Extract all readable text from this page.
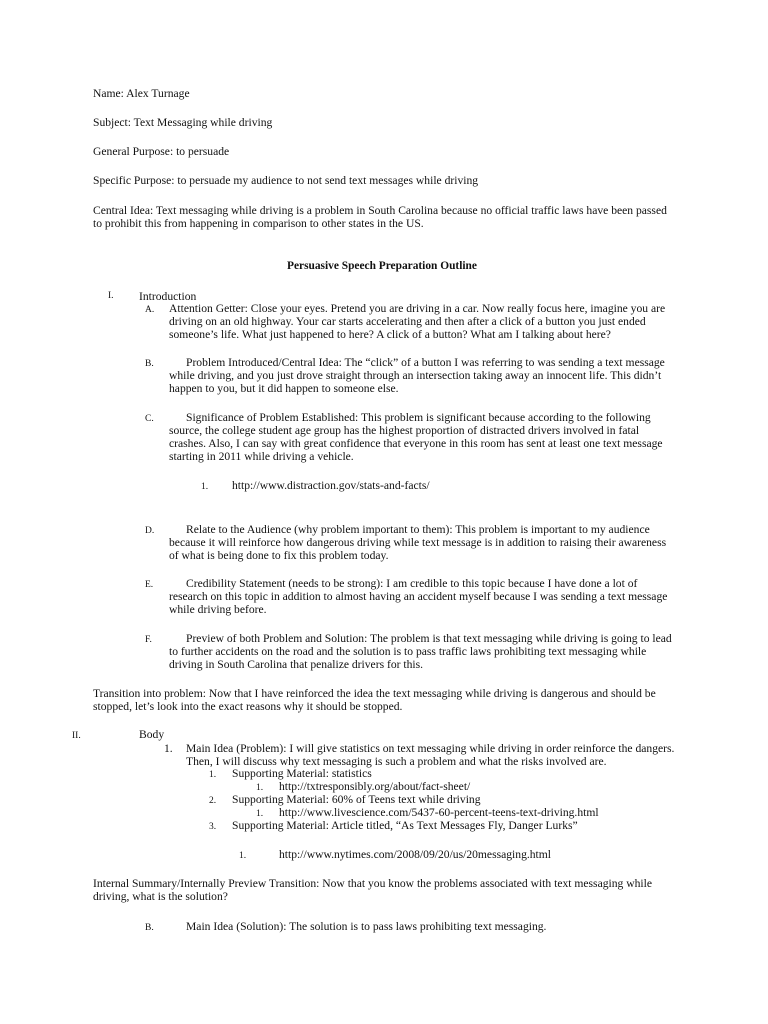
Name: Alex Turnage
Subject: Text Messaging while driving
General Purpose: to persuade
Specific Purpose: to persuade my audience to not send text messages while driving
Central Idea: Text messaging while driving is a problem in South Carolina because no official traffic laws have been passed
to prohibit this from happening in comparison to other states in the US.
Persuasive Speech Preparation Outline
I. Introduction
A. Attention Getter: Close your eyes. Pretend you are driving in a car. Now really focus here, imagine you are
driving on an old highway. Your car starts accelerating and then after a click of a button you just ended
someone’s life. What just happened to here? A click of a button? What am I talking about here?
B.	Problem Introduced/Central Idea: The “click” of a button I was referring to was sending a text message
while driving, and you just drove straight through an intersection taking away an innocent life. This didn’t
happen to you, but it did happen to someone else.
C.	Significance of Problem Established: This problem is significant because according to the following
source, the college student age group has the highest proportion of distracted drivers involved in fatal
crashes. Also, I can say with great confidence that everyone in this room has sent at least one text message
starting in 2011 while driving a vehicle.
1. http://www.distraction.gov/stats-and-facts/
D.	Relate to the Audience (why problem important to them): This problem is important to my audience
because it will reinforce how dangerous driving while text message is in addition to raising their awareness
of what is being done to fix this problem today.
E.	Credibility Statement (needs to be strong): I am credible to this topic because I have done a lot of
research on this topic in addition to almost having an accident myself because I was sending a text message
while driving before.
F.	Preview of both Problem and Solution: The problem is that text messaging while driving is going to lead
to further accidents on the road and the solution is to pass traffic laws prohibiting text messaging while
driving in South Carolina that penalize drivers for this.
Transition into problem: Now that I have reinforced the idea the text messaging while driving is dangerous and should be
stopped, let’s look into the exact reasons why it should be stopped.
II.	Body
1. Main Idea (Problem): I will give statistics on text messaging while driving in order reinforce the dangers.
Then, I will discuss why text messaging is such a problem and what the risks involved are.
1. Supporting Material: statistics
1. http://txtresponsibly.org/about/fact-sheet/
2. Supporting Material: 60% of Teens text while driving
1. http://www.livescience.com/5437-60-percent-teens-text-driving.html
3. Supporting Material: Article titled, “As Text Messages Fly, Danger Lurks”
1.	http://www.nytimes.com/2008/09/20/us/20messaging.html
Internal Summary/Internally Preview Transition: Now that you know the problems associated with text messaging while
driving, what is the solution?
B.	Main Idea (Solution): The solution is to pass laws prohibiting text messaging.
